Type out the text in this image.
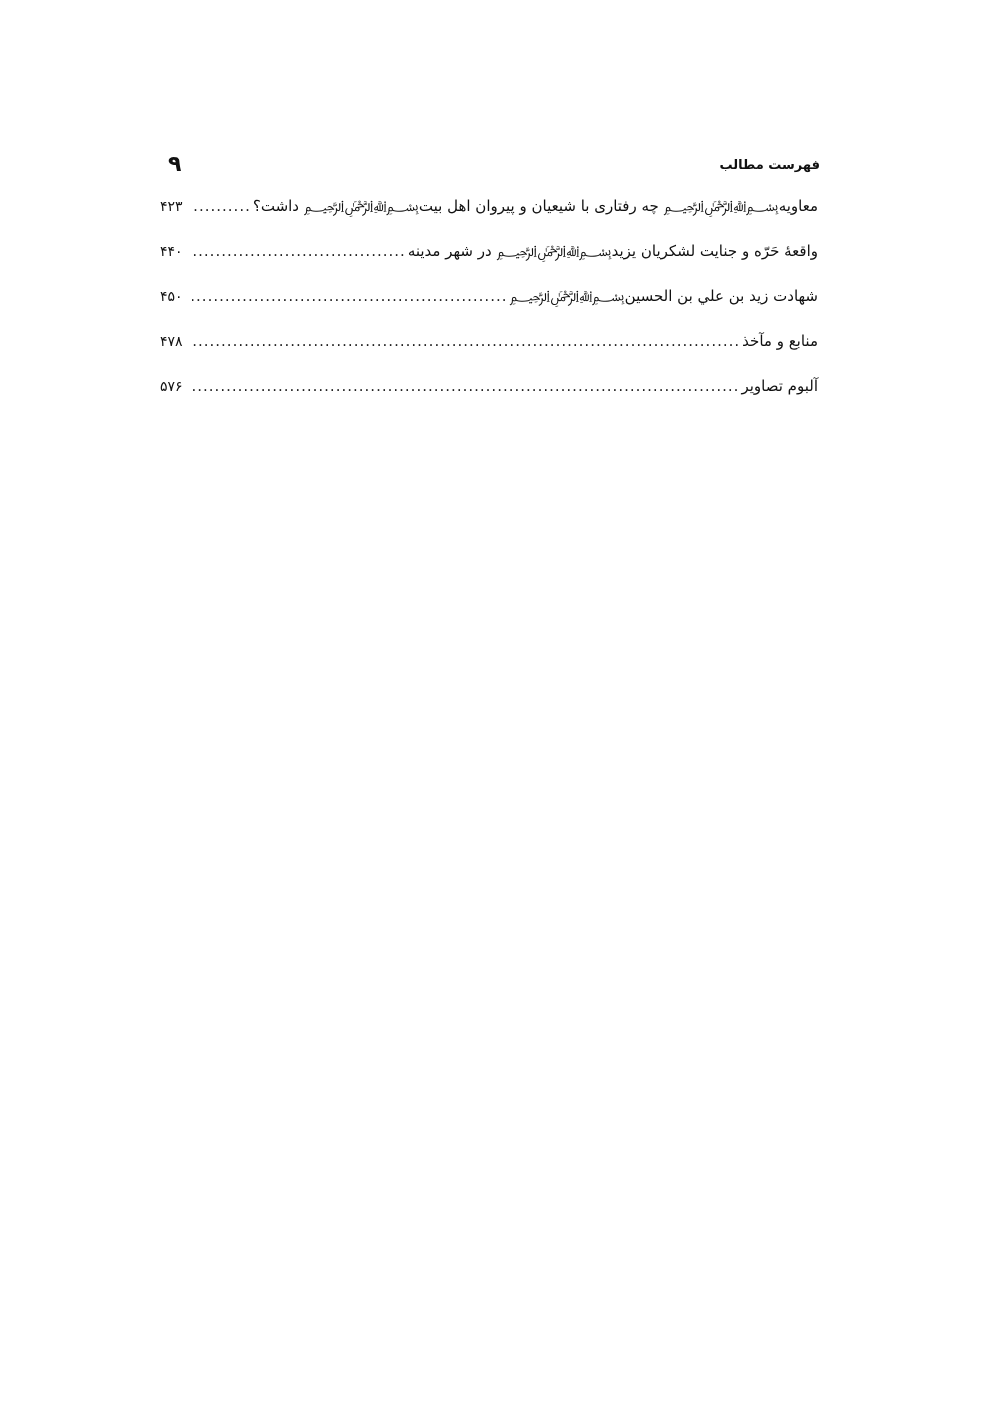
۹	فهرست مطالب
معاویه﷽ چه رفتاری با شیعیان و پیروان اهل بیت﷽ داشت؟
.....
۴۲۳
واقعهٔ حَرّه و جنایت لشکریان یزید﷽ در شهر مدینه
.....
۴۴۰
شهادت زید بن علي بن الحسین﷽
.....
۴۵۰
منابع و مآخذ
.....
۴۷۸
آلبوم تصاویر
.....
۵۷۶
